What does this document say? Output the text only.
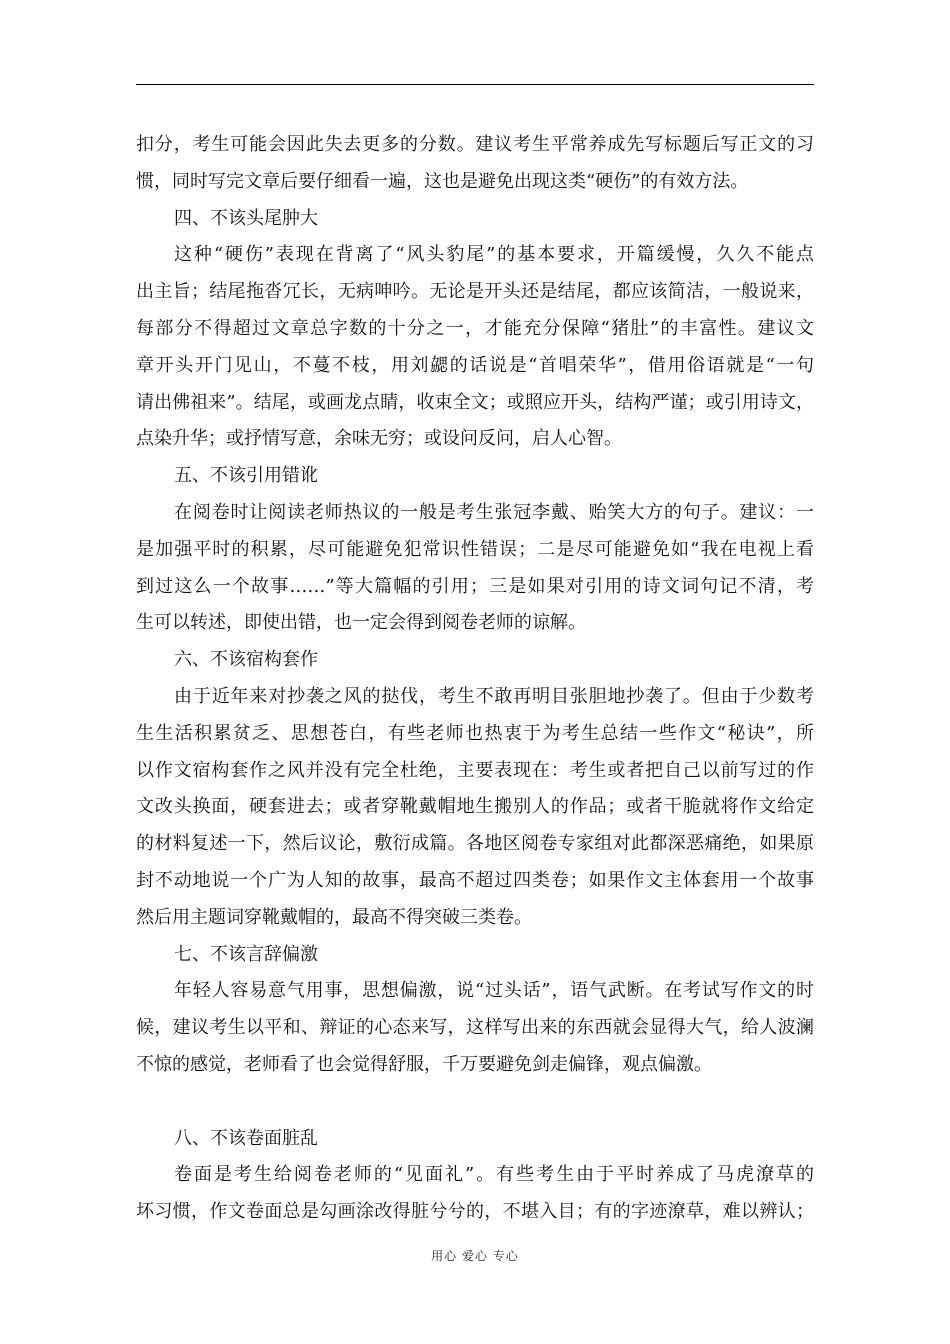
扣分，考生可能会因此失去更多的分数。建议考生平常养成先写标题后写正文的习
惯，同时写完文章后要仔细看一遍，这也是避免出现这类“硬伤”的有效方法。
四、不该头尾肿大
这种“硬伤”表现在背离了“风头豹尾”的基本要求，开篇缓慢，久久不能点
出主旨；结尾拖沓冗长，无病呻吟。无论是开头还是结尾，都应该简洁，一般说来，
每部分不得超过文章总字数的十分之一，才能充分保障“猪肚”的丰富性。建议文
章开头开门见山，不蔓不枝，用刘勰的话说是“首唱荣华”，借用俗语就是“一句
请出佛祖来”。结尾，或画龙点睛，收束全文；或照应开头，结构严谨；或引用诗文，
点染升华；或抒情写意，余味无穷；或设问反问，启人心智。
五、不该引用错讹
在阅卷时让阅读老师热议的一般是考生张冠李戴、贻笑大方的句子。建议：一
是加强平时的积累，尽可能避免犯常识性错误；二是尽可能避免如“我在电视上看
到过这么一个故事……”等大篇幅的引用；三是如果对引用的诗文词句记不清，考
生可以转述，即使出错，也一定会得到阅卷老师的谅解。
六、不该宿构套作
由于近年来对抄袭之风的挞伐，考生不敢再明目张胆地抄袭了。但由于少数考
生生活积累贫乏、思想苍白，有些老师也热衷于为考生总结一些作文“秘诀”，所
以作文宿构套作之风并没有完全杜绝，主要表现在：考生或者把自己以前写过的作
文改头换面，硬套进去；或者穿靴戴帽地生搬别人的作品；或者干脆就将作文给定
的材料复述一下，然后议论，敷衍成篇。各地区阅卷专家组对此都深恶痛绝，如果原
封不动地说一个广为人知的故事，最高不超过四类卷；如果作文主体套用一个故事
然后用主题词穿靴戴帽的，最高不得突破三类卷。
七、不该言辞偏激
年轻人容易意气用事，思想偏激，说“过头话”，语气武断。在考试写作文的时
候，建议考生以平和、辩证的心态来写，这样写出来的东西就会显得大气，给人波澜
不惊的感觉，老师看了也会觉得舒服，千万要避免剑走偏锋，观点偏激。
八、不该卷面脏乱
卷面是考生给阅卷老师的“见面礼”。有些考生由于平时养成了马虎潦草的
坏习惯，作文卷面总是勾画涂改得脏兮兮的，不堪入目；有的字迹潦草，难以辨认；
用心 爱心 专心
